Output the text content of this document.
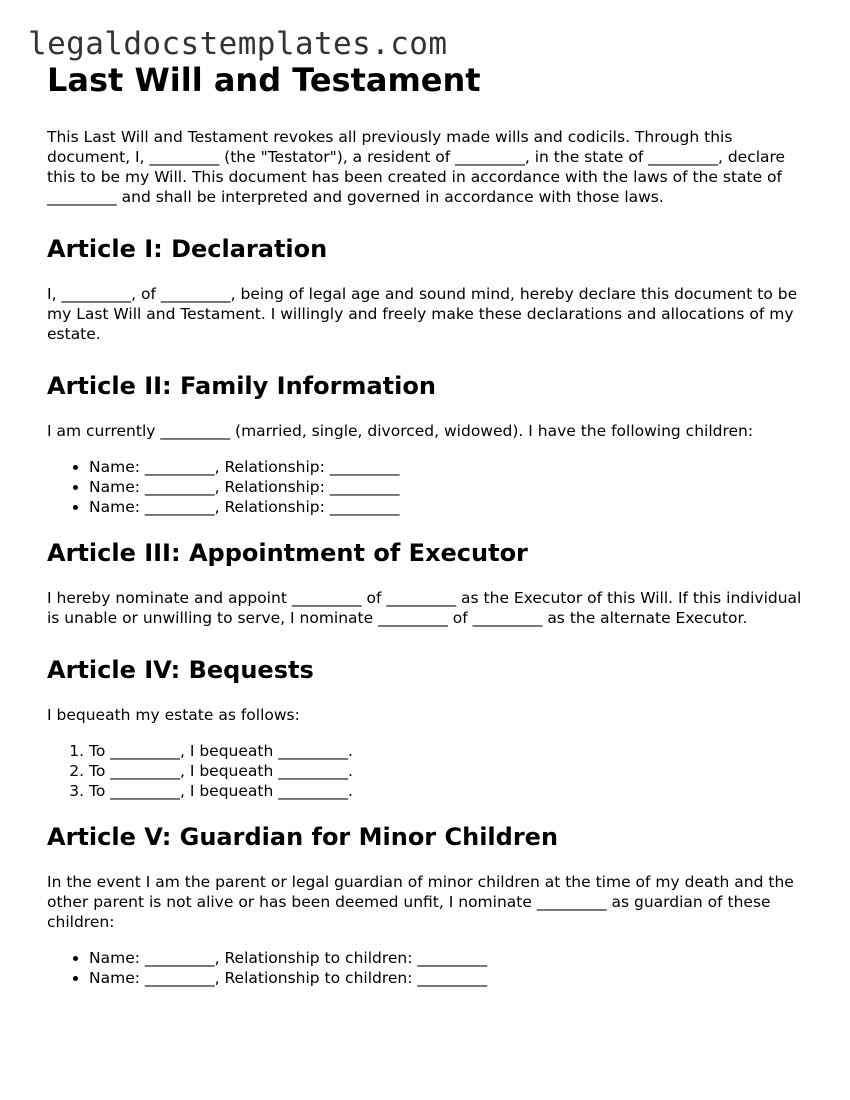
legaldocstemplates.com
Last Will and Testament

This Last Will and Testament revokes all previously made wills and codicils. Through this document, I, _________ (the "Testator"), a resident of _________, in the state of _________, declare this to be my Will. This document has been created in accordance with the laws of the state of _________ and shall be interpreted and governed in accordance with those laws.

Article I: Declaration

I, _________, of _________, being of legal age and sound mind, hereby declare this document to be my Last Will and Testament. I willingly and freely make these declarations and allocations of my estate.

Article II: Family Information

I am currently _________ (married, single, divorced, widowed). I have the following children:

• Name: _________, Relationship: _________
• Name: _________, Relationship: _________
• Name: _________, Relationship: _________
Article III: Appointment of Executor

I hereby nominate and appoint _________ of _________ as the Executor of this Will. If this individual is unable or unwilling to serve, I nominate _________ of _________ as the alternate Executor.

Article IV: Bequests

I bequeath my estate as follows:

1. To _________, I bequeath _________.
2. To _________, I bequeath _________.
3. To _________, I bequeath _________.
Article V: Guardian for Minor Children

In the event I am the parent or legal guardian of minor children at the time of my death and the other parent is not alive or has been deemed unfit, I nominate _________ as guardian of these children:

• Name: _________, Relationship to children: _________
• Name: _________, Relationship to children: _________
